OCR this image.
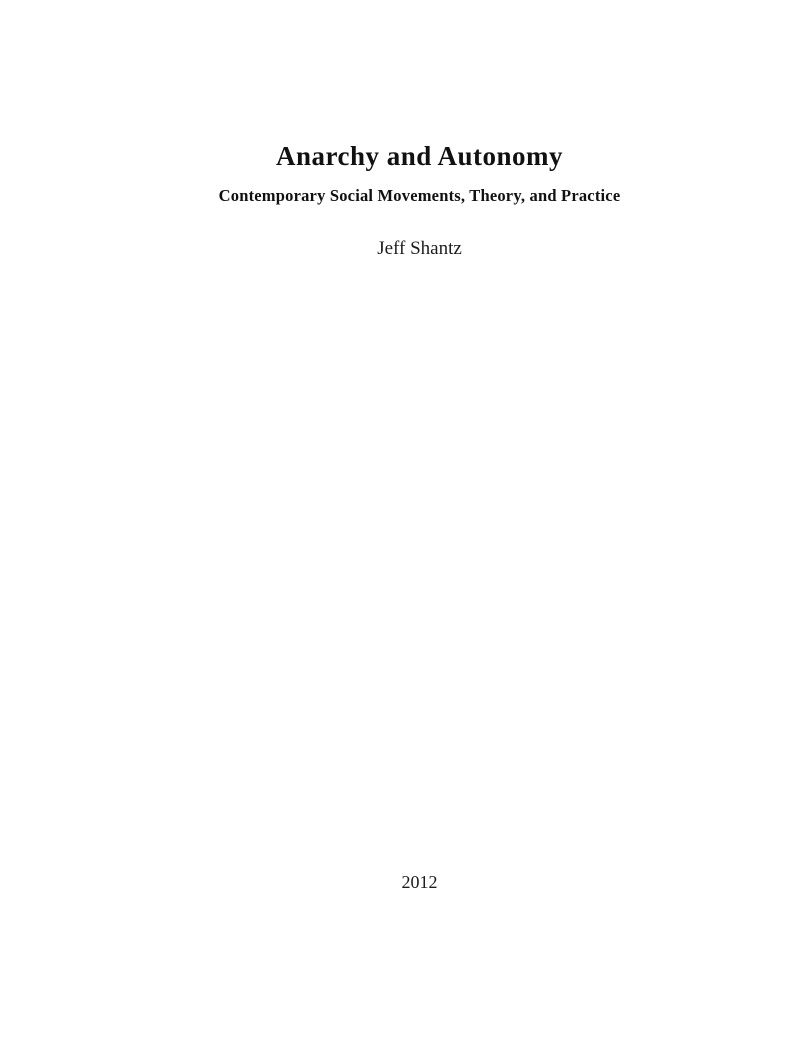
Anarchy and Autonomy
Contemporary Social Movements, Theory, and Practice
Jeff Shantz
2012
